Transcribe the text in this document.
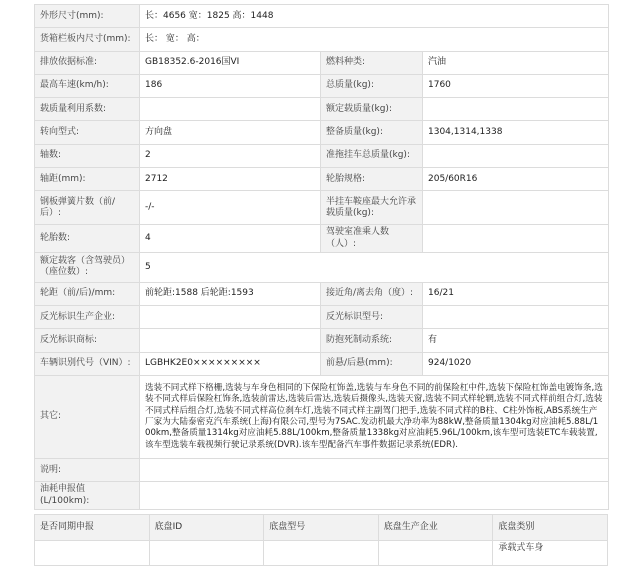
外形尺寸(mm):	长：4656 宽：1825 高：1448		
货箱栏板内尺寸(mm):	长： 宽： 高：		
排放依据标准:	GB18352.6-2016国VI	燃料种类:	汽油
最高车速(km/h):	186	总质量(kg):	1760
载质量利用系数:		额定载质量(kg):	
转向型式:	方向盘	整备质量(kg):	1304,1314,1338
轴数:	2	准拖挂车总质量(kg):	
轴距(mm):	2712	轮胎规格:	205/60R16
钢板弹簧片数（前/后）:	-/-	半挂车鞍座最大允许承载质量(kg):	
轮胎数:	4	驾驶室准乘人数（人）:	
额定载客（含驾驶员）（座位数）:	5		
轮距（前/后)/mm:	前轮距:1588 后轮距:1593	接近角/离去角（度）:	16/21
反光标识生产企业:		反光标识型号:	
反光标识商标:		防抱死制动系统:	有
车辆识别代号（VIN）:	LGBHK2E0×××××××××	前悬/后悬(mm):	924/1020
其它:	选装不同式样下格栅,选装与车身色相同的下保险杠饰盖,选装与车身色不同的前保险杠中件,选装下保险杠饰盖电镀饰条,选装不同式样后保险杠饰条,选装前雷达,选装后雷达,选装后摄像头,选装天窗,选装不同式样轮辋,选装不同式样前组合灯,选装不同式样后组合灯,选装不同式样高位刹车灯,选装不同式样主副驾门把手,选装不同式样的B柱、C柱外饰板,ABS系统生产厂家为大陆泰密克汽车系统(上海)有限公司,型号为7SAC.发动机最大净功率为88kW,整备质量1304kg对应油耗5.88L/100km,整备质量1314kg对应油耗5.88L/100km,整备质量1338kg对应油耗5.96L/100km,该车型可选装ETC车载装置,该车型选装车载视频行驶记录系统(DVR).该车型配备汽车事件数据记录系统(EDR).		
说明:			
油耗申报值(L/100km):			
是否同期申报	底盘ID	底盘型号	底盘生产企业	底盘类别
				承载式车身
